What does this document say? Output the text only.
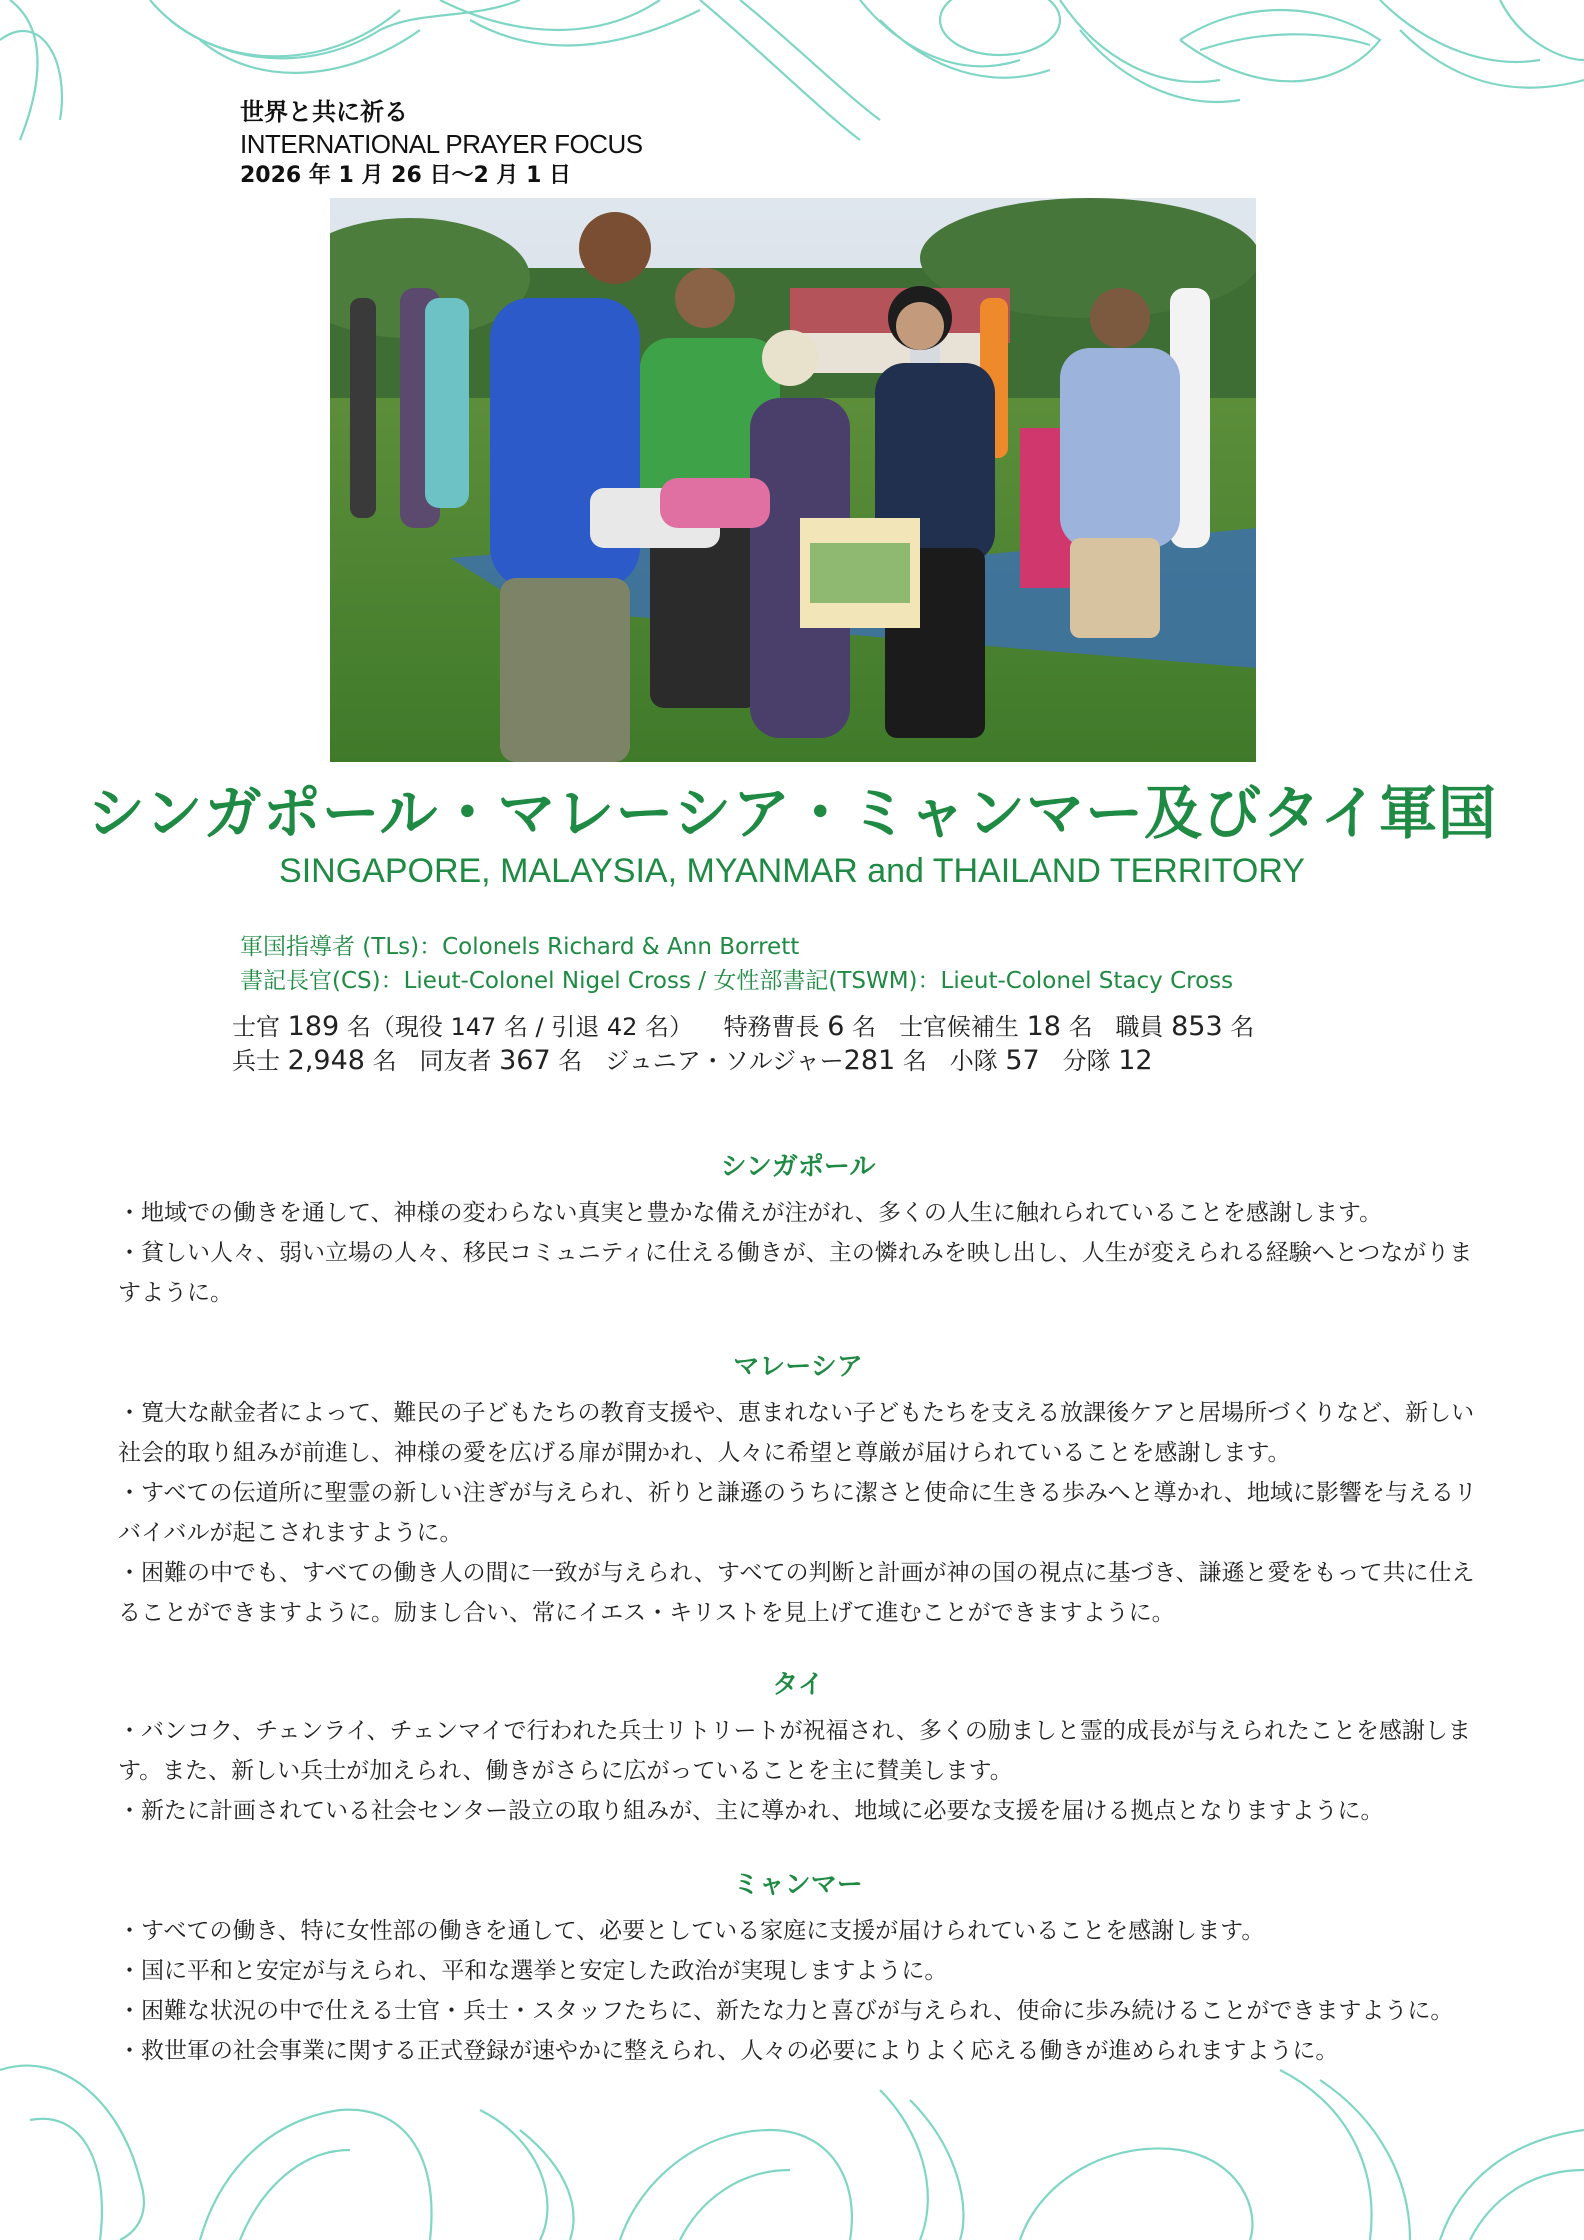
世界と共に祈る
INTERNATIONAL PRAYER FOCUS
2026 年 1 月 26 日～2 月 1 日
シンガポール・マレーシア・ミャンマー及びタイ軍国
SINGAPORE, MALAYSIA, MYANMAR and THAILAND TERRITORY
軍国指導者 (TLs)：Colonels Richard & Ann Borrett
書記長官(CS)：Lieut-Colonel Nigel Cross / 女性部書記(TSWM)：Lieut-Colonel Stacy Cross
士官 189 名（現役 147 名 / 引退 42 名） 特務曹長 6 名 士官候補生 18 名 職員 853 名
兵士 2,948 名 同友者 367 名 ジュニア・ソルジャー281 名 小隊 57 分隊 12
シンガポール

・地域での働きを通して、神様の変わらない真実と豊かな備えが注がれ、多くの人生に触れられていることを感謝します。

・貧しい人々、弱い立場の人々、移民コミュニティに仕える働きが、主の憐れみを映し出し、人生が変えられる経験へとつながりますように。

マレーシア

・寛大な献金者によって、難民の子どもたちの教育支援や、恵まれない子どもたちを支える放課後ケアと居場所づくりなど、新しい社会的取り組みが前進し、神様の愛を広げる扉が開かれ、人々に希望と尊厳が届けられていることを感謝します。

・すべての伝道所に聖霊の新しい注ぎが与えられ、祈りと謙遜のうちに潔さと使命に生きる歩みへと導かれ、地域に影響を与えるリバイバルが起こされますように。

・困難の中でも、すべての働き人の間に一致が与えられ、すべての判断と計画が神の国の視点に基づき、謙遜と愛をもって共に仕えることができますように。励まし合い、常にイエス・キリストを見上げて進むことができますように。

タイ

・バンコク、チェンライ、チェンマイで行われた兵士リトリートが祝福され、多くの励ましと霊的成長が与えられたことを感謝します。また、新しい兵士が加えられ、働きがさらに広がっていることを主に賛美します。

・新たに計画されている社会センター設立の取り組みが、主に導かれ、地域に必要な支援を届ける拠点となりますように。

ミャンマー

・すべての働き、特に女性部の働きを通して、必要としている家庭に支援が届けられていることを感謝します。

・国に平和と安定が与えられ、平和な選挙と安定した政治が実現しますように。

・困難な状況の中で仕える士官・兵士・スタッフたちに、新たな力と喜びが与えられ、使命に歩み続けることができますように。

・救世軍の社会事業に関する正式登録が速やかに整えられ、人々の必要によりよく応える働きが進められますように。
